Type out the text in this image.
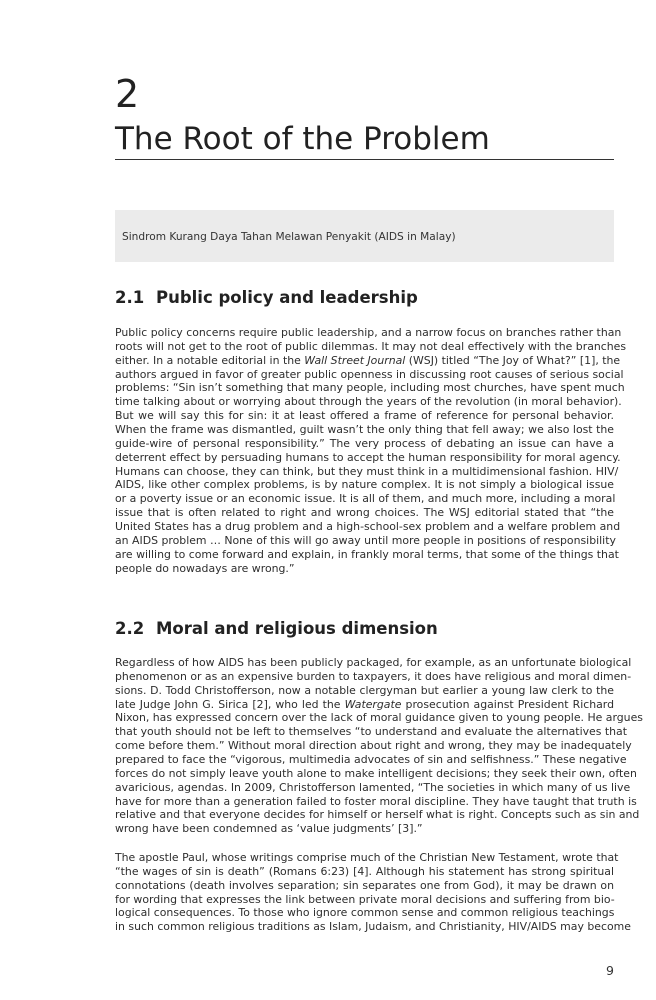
2
The Root of the Problem
Sindrom Kurang Daya Tahan Melawan Penyakit (AIDS in Malay)
2.1 Public policy and leadership
Public policy concerns require public leadership, and a narrow focus on branches rather than
roots will not get to the root of public dilemmas. It may not deal effectively with the branches
either. In a notable editorial in the Wall Street Journal (WSJ) titled “The Joy of What?” [1], the
authors argued in favor of greater public openness in discussing root causes of serious social
problems: “Sin isn’t something that many people, including most churches, have spent much
time talking about or worrying about through the years of the revolution (in moral behavior).
But we will say this for sin: it at least offered a frame of reference for personal behavior.
When the frame was dismantled, guilt wasn’t the only thing that fell away; we also lost the
guide-wire of personal responsibility.” The very process of debating an issue can have a
deterrent effect by persuading humans to accept the human responsibility for moral agency.
Humans can choose, they can think, but they must think in a multidimensional fashion. HIV/
AIDS, like other complex problems, is by nature complex. It is not simply a biological issue
or a poverty issue or an economic issue. It is all of them, and much more, including a moral
issue that is often related to right and wrong choices. The WSJ editorial stated that “the
United States has a drug problem and a high-school-sex problem and a welfare problem and
an AIDS problem … None of this will go away until more people in positions of responsibility
are willing to come forward and explain, in frankly moral terms, that some of the things that
people do nowadays are wrong.”
2.2 Moral and religious dimension
Regardless of how AIDS has been publicly packaged, for example, as an unfortunate biological
phenomenon or as an expensive burden to taxpayers, it does have religious and moral dimen-
sions. D. Todd Christofferson, now a notable clergyman but earlier a young law clerk to the
late Judge John G. Sirica [2], who led the Watergate prosecution against President Richard
Nixon, has expressed concern over the lack of moral guidance given to young people. He argues
that youth should not be left to themselves “to understand and evaluate the alternatives that
come before them.” Without moral direction about right and wrong, they may be inadequately
prepared to face the “vigorous, multimedia advocates of sin and selfishness.” These negative
forces do not simply leave youth alone to make intelligent decisions; they seek their own, often
avaricious, agendas. In 2009, Christofferson lamented, “The societies in which many of us live
have for more than a generation failed to foster moral discipline. They have taught that truth is
relative and that everyone decides for himself or herself what is right. Concepts such as sin and
wrong have been condemned as ‘value judgments’ [3].”
The apostle Paul, whose writings comprise much of the Christian New Testament, wrote that
“the wages of sin is death” (Romans 6:23) [4]. Although his statement has strong spiritual
connotations (death involves separation; sin separates one from God), it may be drawn on
for wording that expresses the link between private moral decisions and suffering from bio-
logical consequences. To those who ignore common sense and common religious teachings
in such common religious traditions as Islam, Judaism, and Christianity, HIV/AIDS may become
9
